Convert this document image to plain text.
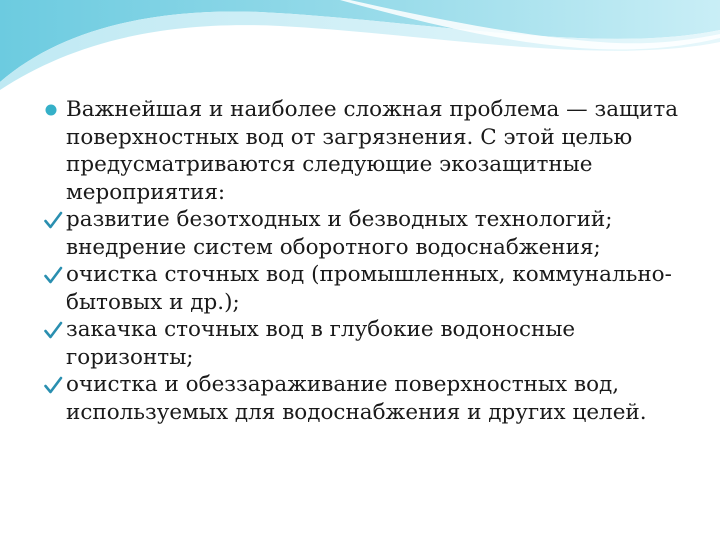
Важнейшая и наиболее сложная проблема — защита поверхностных вод от загрязнения. С этой целью предусматриваются следующие экозащитные мероприятия:
развитие безотходных и безводных технологий; внедрение систем оборотного водоснабжения;
очистка сточных вод (промышленных, коммунально-бытовых и др.);
закачка сточных вод в глубокие водоносные горизонты;
очистка и обеззараживание поверхностных вод, используемых для водоснабжения и других целей.
